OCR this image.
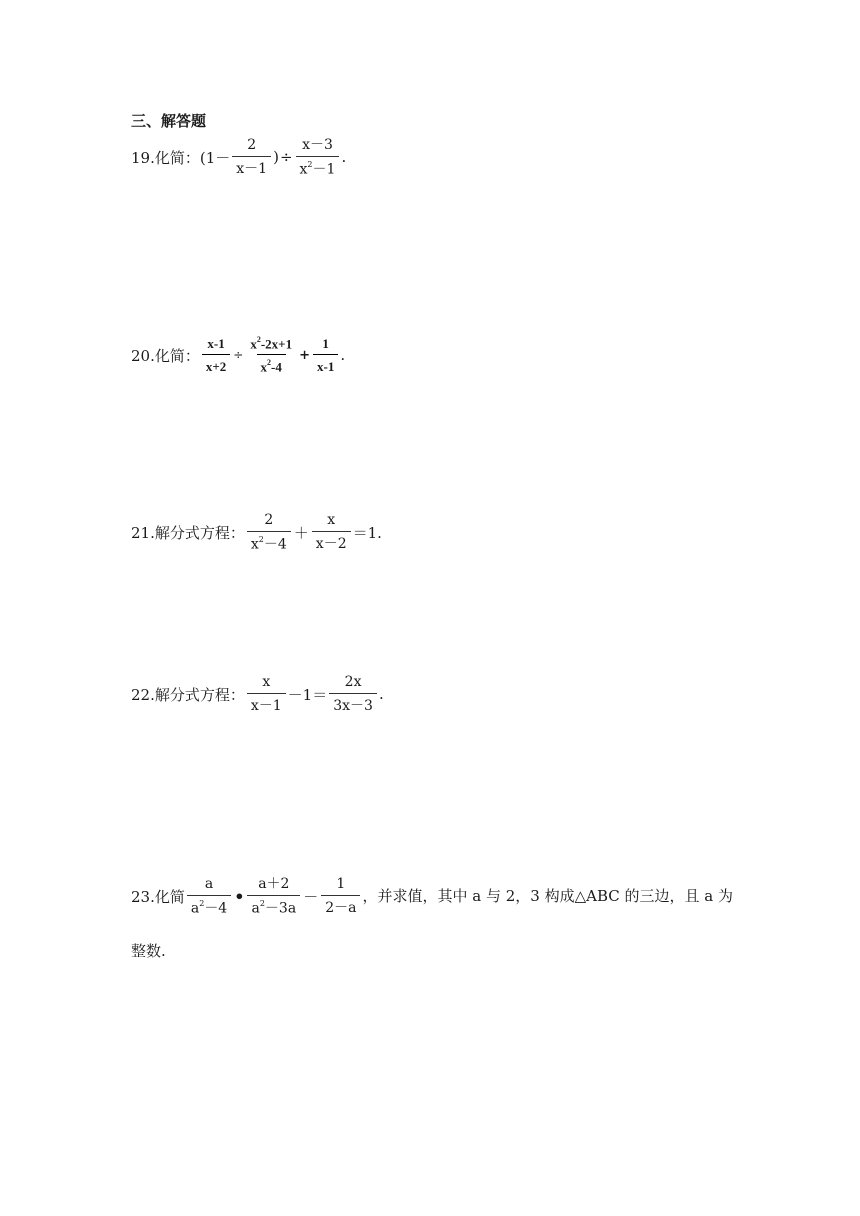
三、解答题
19.化简： ($1- \frac{2}{x-1}$ ) ÷ $\frac{x-3}{x^2-1}$ .
20.化简： $\frac{x-1}{x+2} \div \frac{x^2-2x+1}{x^2-4} + \frac{1}{x-1}$ .
21.解分式方程： $\frac{2}{x^2-4} + \frac{x}{x-2} =1$.
22.解分式方程： $\frac{x}{x-1} -1= \frac{2x}{3x-3}$ .
23.化简 $\frac{a}{a^2-4}$ • $\frac{a+2}{a^2-3a} - \frac{1}{2-a}$ ，并求值，其中 a 与 2，3 构成△ABC 的三边，且 a 为
整数.
